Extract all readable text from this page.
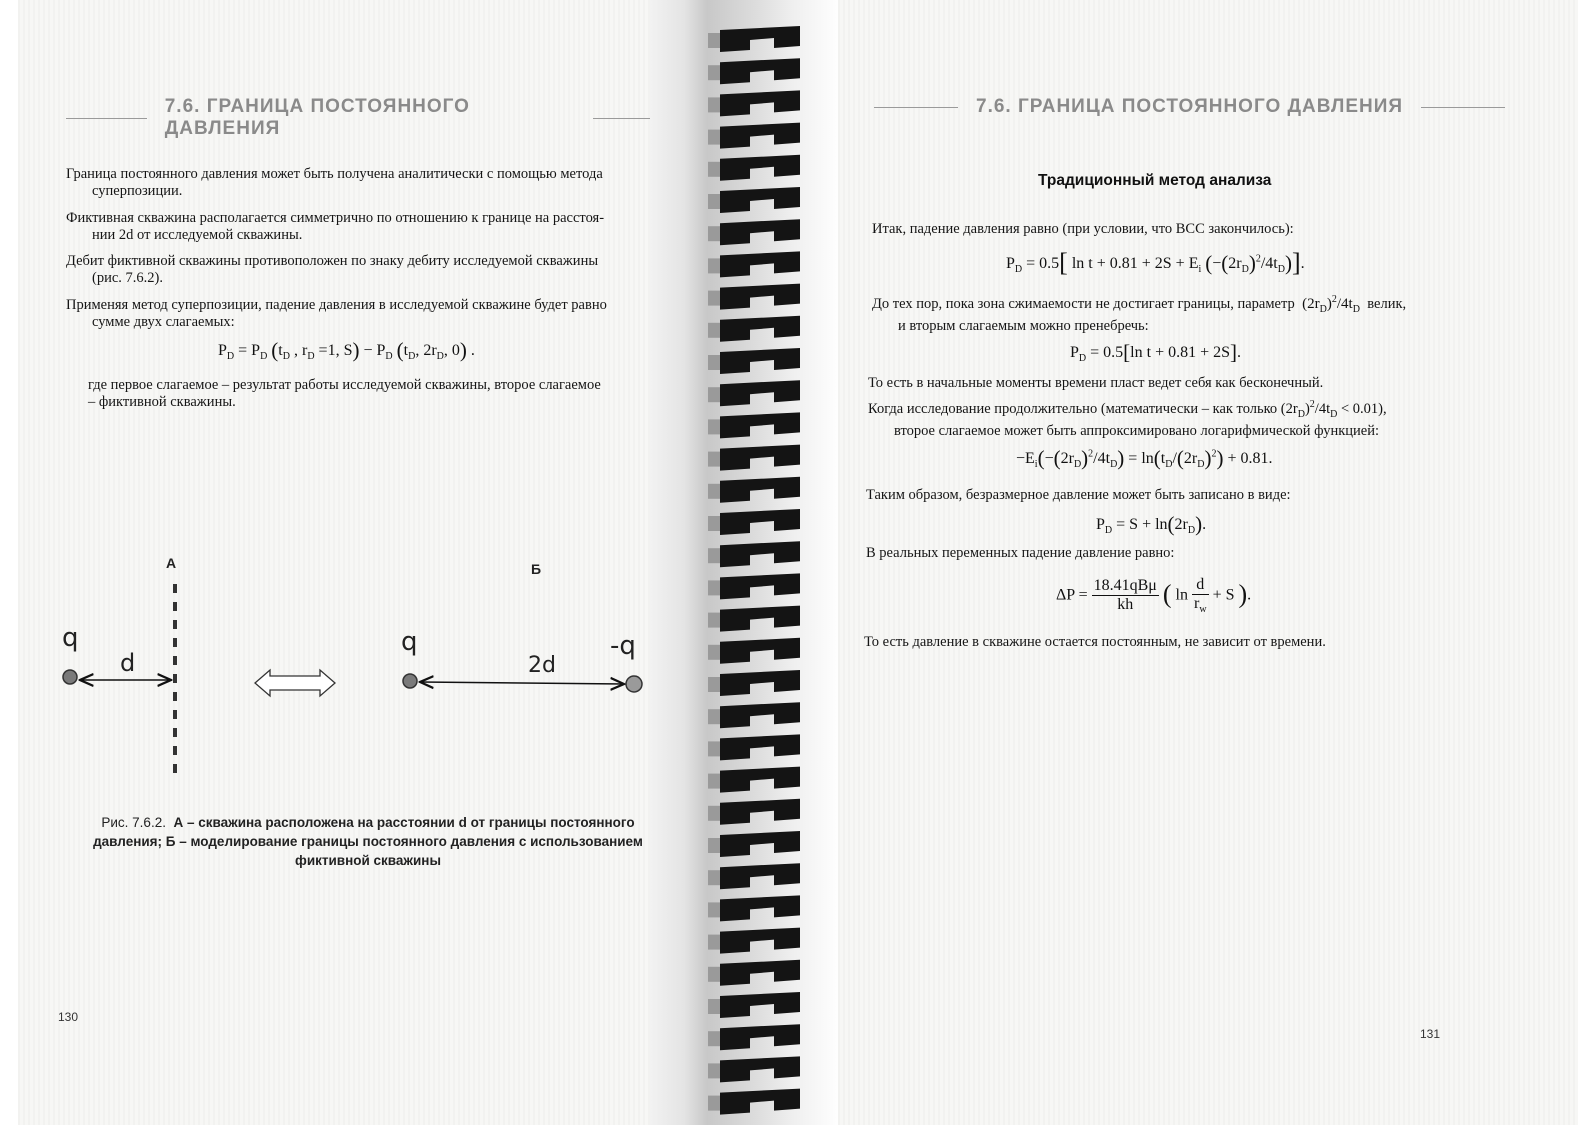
7.6. ГРАНИЦА ПОСТОЯННОГО ДАВЛЕНИЯ
Граница постоянного давления может быть получена аналитически с помощью метода
суперпозиции.
Фиктивная скважина располагается симметрично по отношению к границе на расстоя-
нии 2d от исследуемой скважины.
Дебит фиктивной скважины противоположен по знаку дебиту исследуемой скважины
(рис. 7.6.2).
Применяя метод суперпозиции, падение давления в исследуемой скважине будет равно
сумме двух слагаемых:
$P_D = P_D$ ($t_D$ , $r_D =1$, $S) - P_D$ ($t_D$, $2r_D$, 0) .
где первое слагаемое – результат работы исследуемой скважины, второе слагаемое
– фиктивной скважины.
А
q
d
Б
q	-q
2d
Рис. 7.6.2. А – скважина расположена на расстоянии d от границы постоянного
давления; Б – моделирование границы постоянного давления с использованием
фиктивной скважины
130
7.6. ГРАНИЦА ПОСТОЯННОГО ДАВЛЕНИЯ
Традиционный метод анализа
Итак, падение давления равно (при условии, что ВСС закончилось):
$P_D = 0.5$[ $\ln t + 0.81 + 2S + E_i$ $(-(2r_D)^2/4t_D)$].
До тех пор, пока зона сжимаемости не достигает границы, параметр  $(2r_D)^2/4t_D$ велик,
и вторым слагаемым можно пренебречь:
$P_D = 0.5[\ln$ t + 0.81 + 2S].
То есть в начальные моменты времени пласт ведет себя как бесконечный.
Когда исследование продолжительно (математически – как только $(2r_D)^2/4t_D < 0.01$),
второе слагаемое может быть аппроксимировано логарифмической функцией:
$-E_i(-(2r_D)^2/4t_D) = \ln(t_D/(2r_D)^2) + 0.81$.
Таким образом, безразмерное давление может быть записано в виде:
$P_D = S + \ln(2r_D)$.
В реальных переменных падение давление равно:
$\Delta P = \frac{\text{18.41qBμ}}{kh}$ ( $\ln \frac{d}{r_w} + S$ ).
То есть давление в скважине остается постоянным, не зависит от времени.
131
